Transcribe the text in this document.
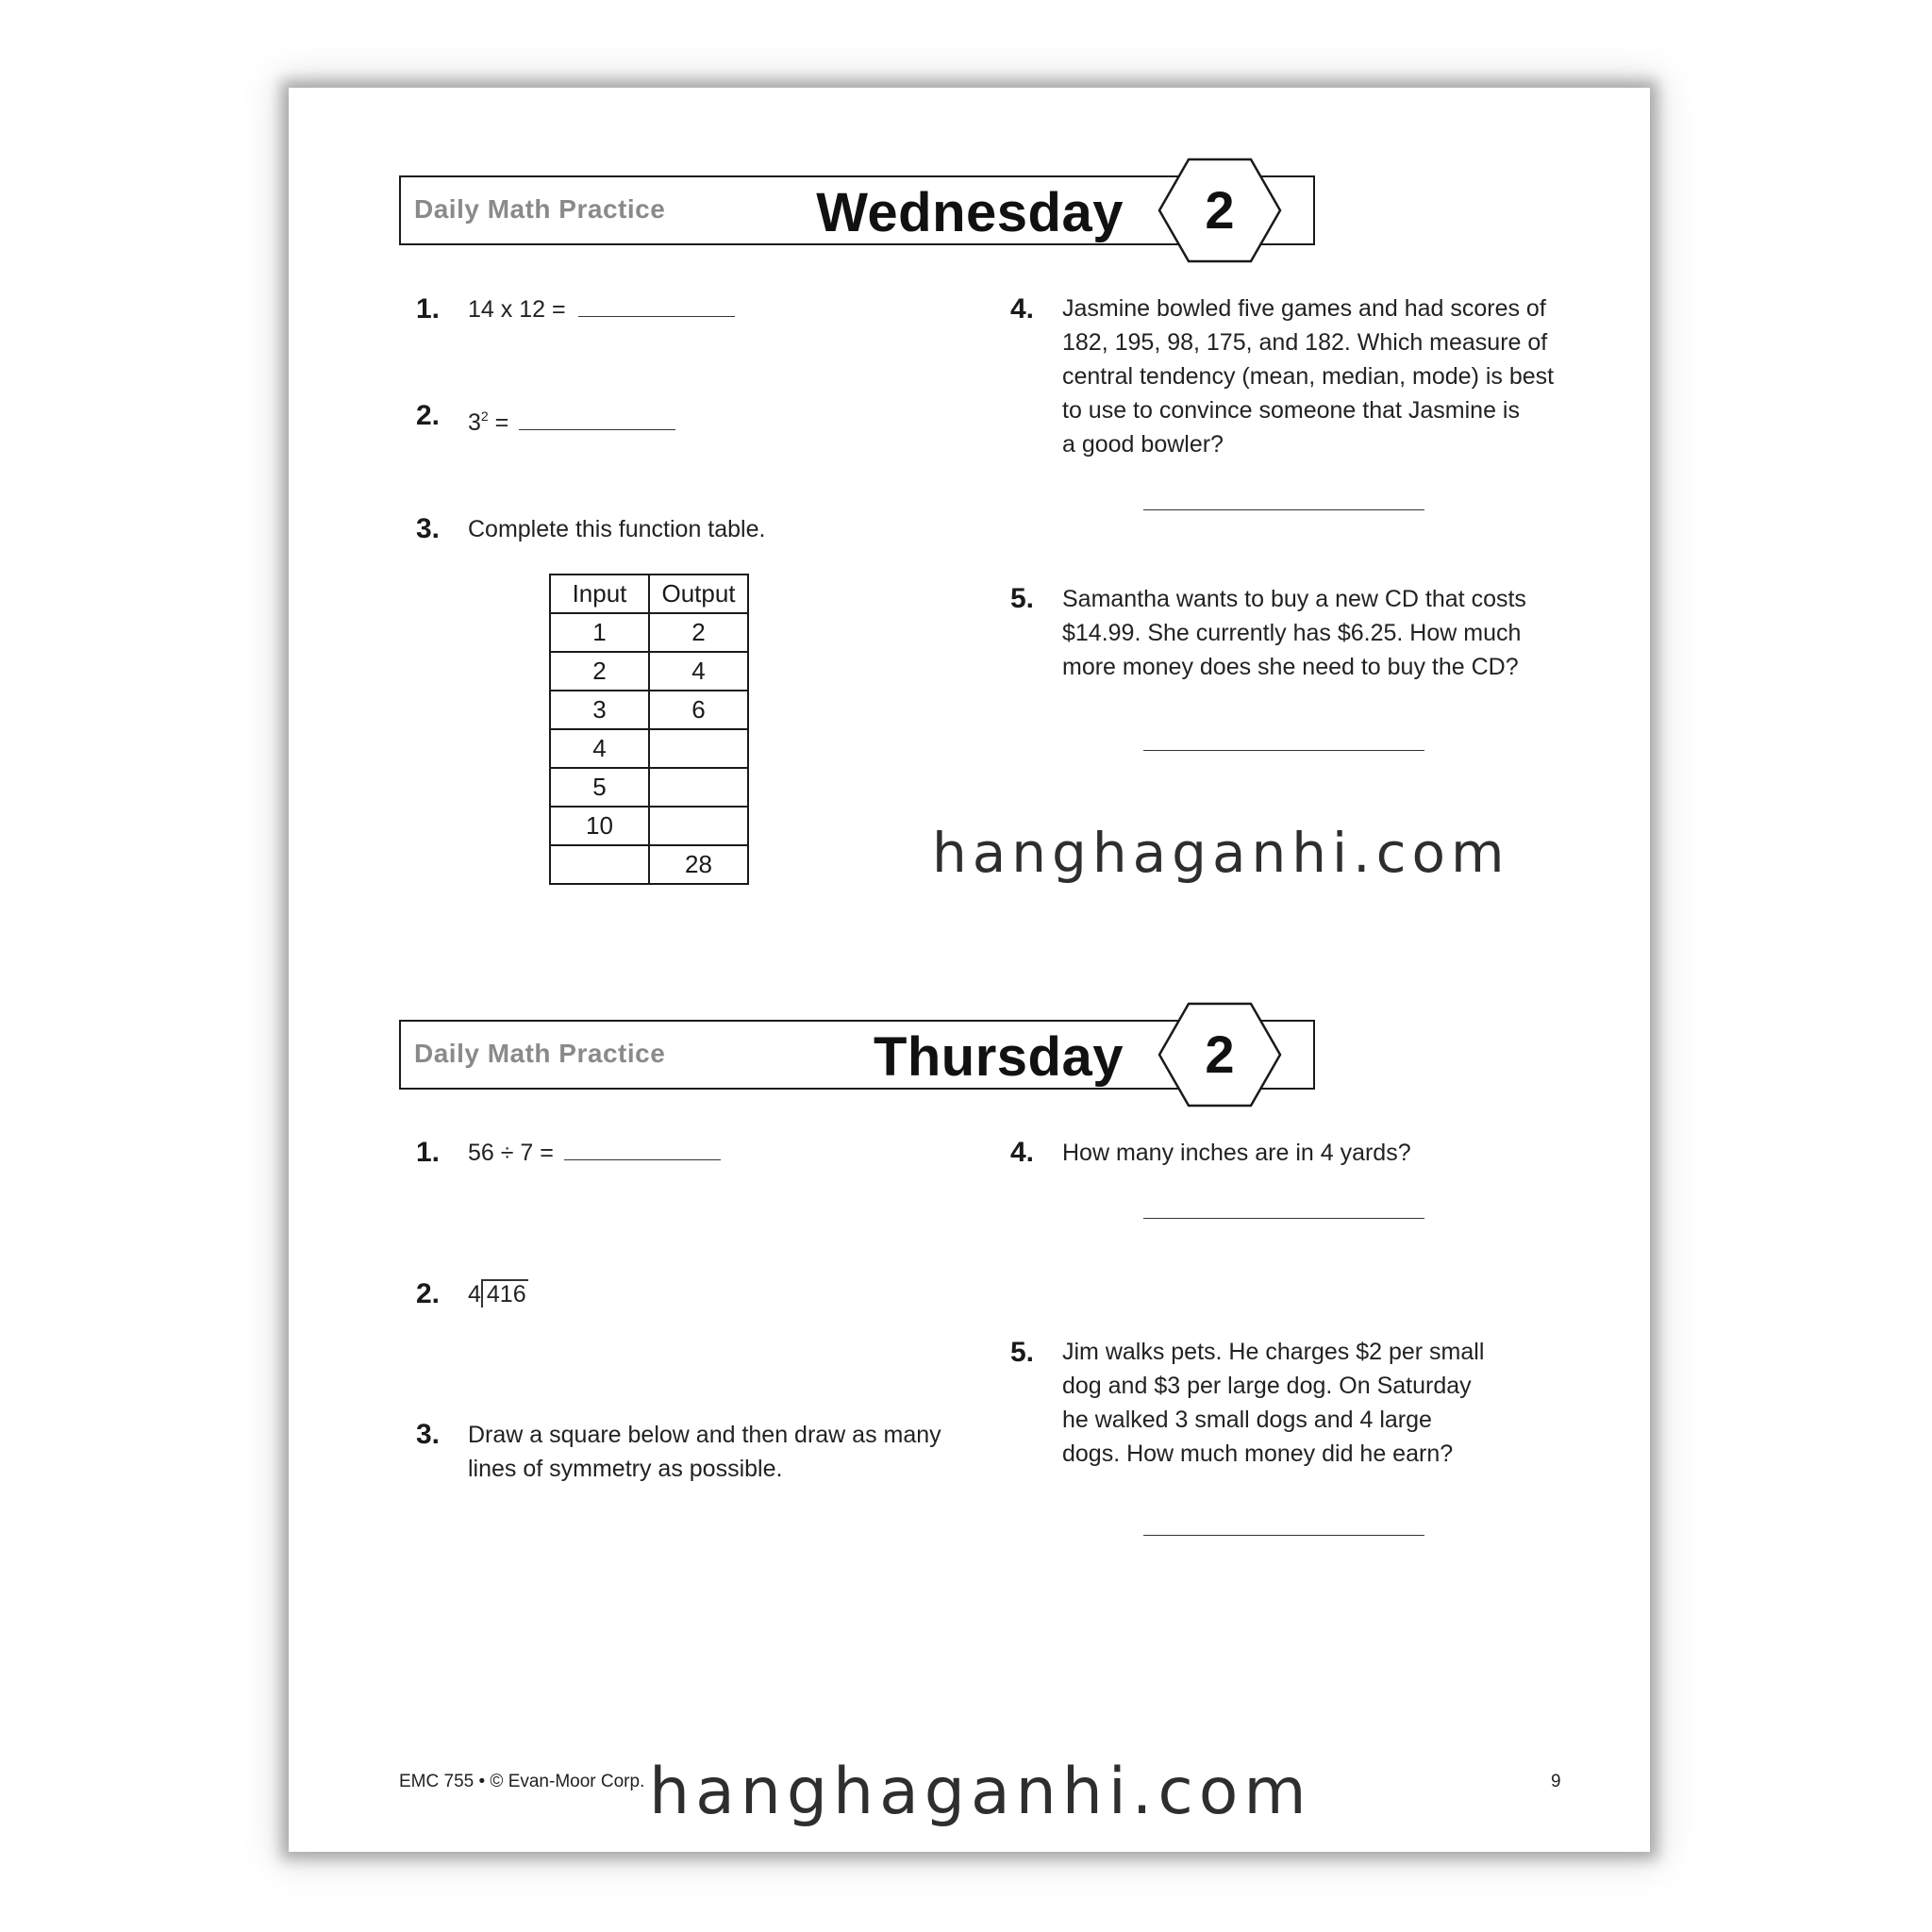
Daily Math Practice	Wednesday	2
1. 14 x 12 =
2. $3^2$ =
3. Complete this function table.
Input	Output
1	2
2	4
3	6
4	
5	
10	
	28
4. Jasmine bowled five games and had scores of
182, 195, 98, 175, and 182. Which measure of
central tendency (mean, median, mode) is best
to use to convince someone that Jasmine is
a good bowler?
5. Samantha wants to buy a new CD that costs
$14.99. She currently has $6.25. How much
more money does she need to buy the CD?
Daily Math Practice	Thursday	2
1. 56 ÷ 7 =
2. 4 416
3. Draw a square below and then draw as many
lines of symmetry as possible.
4. How many inches are in 4 yards?
5. Jim walks pets. He charges $2 per small
dog and $3 per large dog. On Saturday
he walked 3 small dogs and 4 large
dogs. How much money did he earn?
EMC 755 • © Evan-Moor Corp.	9
hanghaganhi.com
hanghaganhi.com
